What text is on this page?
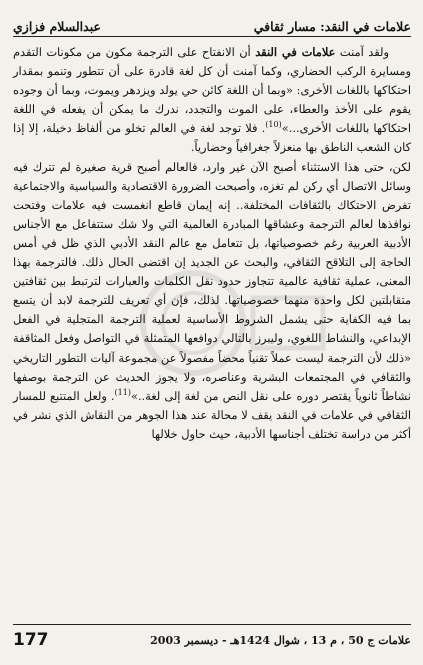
علامات في النقد: مسار ثقافي
عبدالسلام فزازي

ولقد آمنت علامات في النقد أن الانفتاح على الترجمة مكون من مكونات التقدم ومسايرة الركب الحضاري، وكما آمنت أن كل لغة قادرة على أن تتطور وتنمو بمقدار احتكاكها باللغات الأخرى: «وبما أن اللغة كائن حي يولد ويزدهر ويموت، وبما أن وجوده يقوم على الأخذ والعطاء، على الموت والتجدد، ندرك ما يمكن أن يفعله في اللغة احتكاكها باللغات الأخرى...»$^{(10)}$. فلا توجد لغة في العالم تخلو من ألفاظ دخيلة، إلا إذا كان الشعب الناطق بها منعزلاً جغرافياً وحضارياً.

لكن، حتى هذا الاستثناء أصبح الآن غير وارد، فالعالم أصبح قرية صغيرة لم تترك فيه وسائل الاتصال أي ركن لم تغزه، وأصبحت الضرورة الاقتصادية والسياسية والاجتماعية تفرض الاحتكاك بالثقافات المختلفة.. إنه إيمان قاطع انغمست فيه علامات وفتحت نوافذها لعالم الترجمة وعشاقها المبادرة العالمية التي ولا شك ستتفاعل مع الأجناس الأدبية العربية رغم خصوصياتها، بل تتعامل مع عالم النقد الأدبي الذي ظل في أمس الحاجة إلى التلاقح الثقافي، والبحث عن الجديد إن اقتضى الحال ذلك. فالترجمة بهذا المعنى، عملية ثقافية عالمية تتجاوز حدود نقل الكلمات والعبارات لترتبط بين ثقافتين متقابلتين لكل واحدة منهما خصوصياتها. لذلك، فإن أي تعريف للترجمة لابد أن يتسع بما فيه الكفاية حتى يشمل الشروط الأساسية لعملية الترجمة المتجلية في الفعل الإبداعي، والنشاط اللغوي، وليبرز بالتالي دوافعها المتمثلة في التواصل وفعل المثاقفة «ذلك لأن الترجمة ليست عملاً تقنياً محضاً مفصولاً عن مجموعة آليات التطور التاريخي والثقافي في المجتمعات البشرية وعناصره، ولا يجوز الحديث عن الترجمة بوصفها نشاطاً ثانوياً يقتصر دوره على نقل النص من لغة إلى لغة..»$^{(11)}$. ولعل المتتبع للمسار الثقافي في علامات في النقد يقف لا محالة عند هذا الجوهر من النقاش الذي نشر في أكثر من دراسة تختلف أجناسها الأدبية، حيث حاول خلالها

177	علامات ج 50 ، م 13 ، شوال 1424هـ - ديسمبر 2003
